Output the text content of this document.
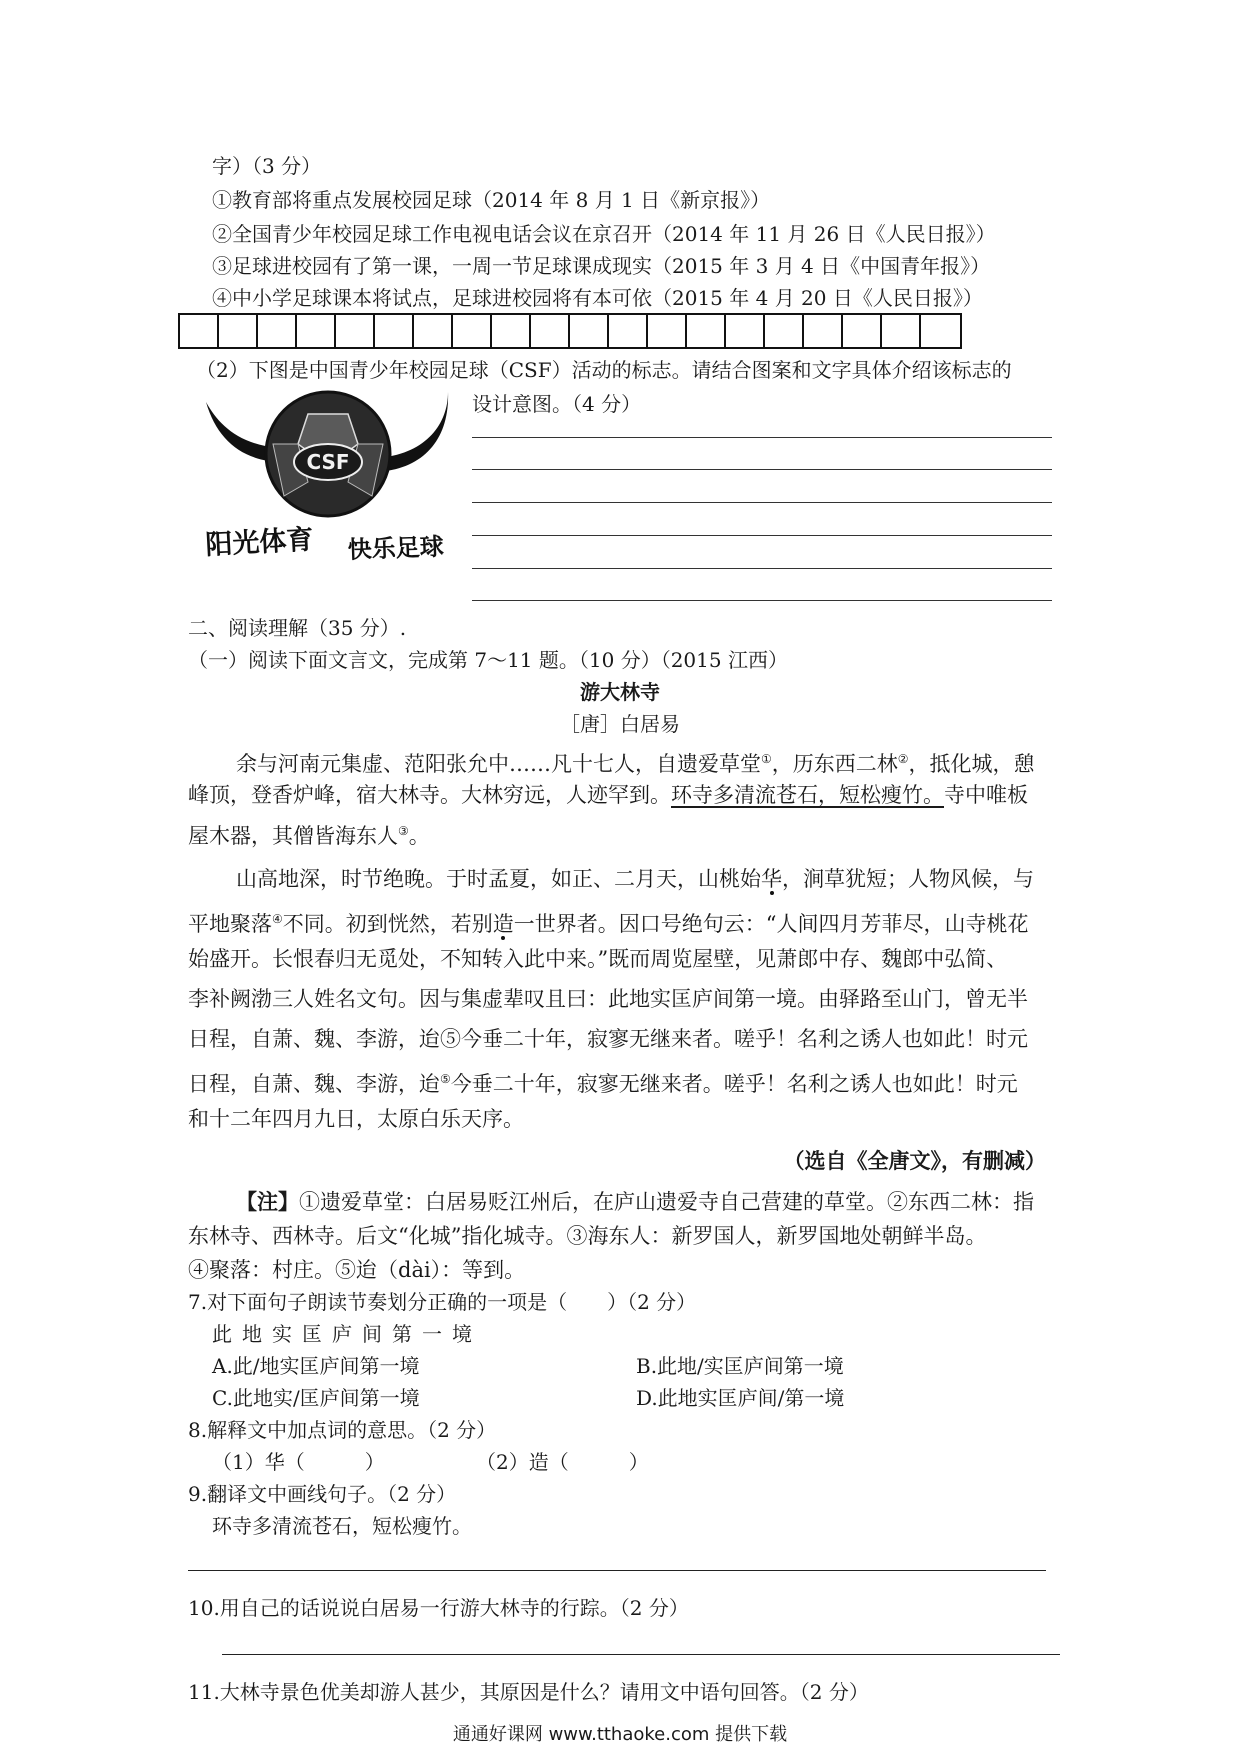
字）（3 分）
①教育部将重点发展校园足球（2014 年 8 月 1 日《新京报》）
②全国青少年校园足球工作电视电话会议在京召开（2014 年 11 月 26 日《人民日报》）
③足球进校园有了第一课，一周一节足球课成现实（2015 年 3 月 4 日《中国青年报》）
④中小学足球课本将试点，足球进校园将有本可依（2015 年 4 月 20 日《人民日报》）
（2）下图是中国青少年校园足球（CSF）活动的标志。请结合图案和文字具体介绍该标志的
设计意图。（4 分）
CSF
阳光体育 快乐足球
二、阅读理解（35 分）.
（一）阅读下面文言文，完成第 7～11 题。（10 分）（2015 江西）
游大林寺
［唐］白居易
余与河南元集虚、范阳张允中……凡十七人，自遗爱草堂①，历东西二林②，抵化城，憩
峰顶，登香炉峰，宿大林寺。大林穷远，人迹罕到。环寺多清流苍石，短松瘦竹。寺中唯板
屋木器，其僧皆海东人③。
山高地深，时节绝晚。于时孟夏，如正、二月天，山桃始华，涧草犹短；人物风候，与
平地聚落④不同。初到恍然，若别造一世界者。因口号绝句云：“人间四月芳菲尽，山寺桃花
始盛开。长恨春归无觅处，不知转入此中来。”既而周览屋壁，见萧郎中存、魏郎中弘简、
李补阙渤三人姓名文句。因与集虚辈叹且曰：此地实匡庐间第一境。由驿路至山门，曾无半
日程，自萧、魏、李游，迨⑤今垂二十年，寂寥无继来者。嗟乎！名利之诱人也如此！时元
日程，自萧、魏、李游，迨⑤今垂二十年，寂寥无继来者。嗟乎！名利之诱人也如此！时元
和十二年四月九日，太原白乐天序。
（选自《全唐文》，有删减）
【注】①遗爱草堂：白居易贬江州后，在庐山遗爱寺自己营建的草堂。②东西二林：指
东林寺、西林寺。后文“化城”指化城寺。③海东人：新罗国人，新罗国地处朝鲜半岛。
④聚落：村庄。⑤迨（dài）：等到。
7.对下面句子朗读节奏划分正确的一项是（　　）（2 分）
此地实匡庐间第一境
A.此/地实匡庐间第一境	B.此地/实匡庐间第一境
C.此地实/匡庐间第一境	D.此地实匡庐间/第一境
8.解释文中加点词的意思。（2 分）
（1）华（　　　）	（2）造（　　　）
9.翻译文中画线句子。（2 分）
环寺多清流苍石，短松瘦竹。
10.用自己的话说说白居易一行游大林寺的行踪。（2 分）
11.大林寺景色优美却游人甚少，其原因是什么？请用文中语句回答。（2 分）
通通好课网 www.tthaoke.com 提供下载
